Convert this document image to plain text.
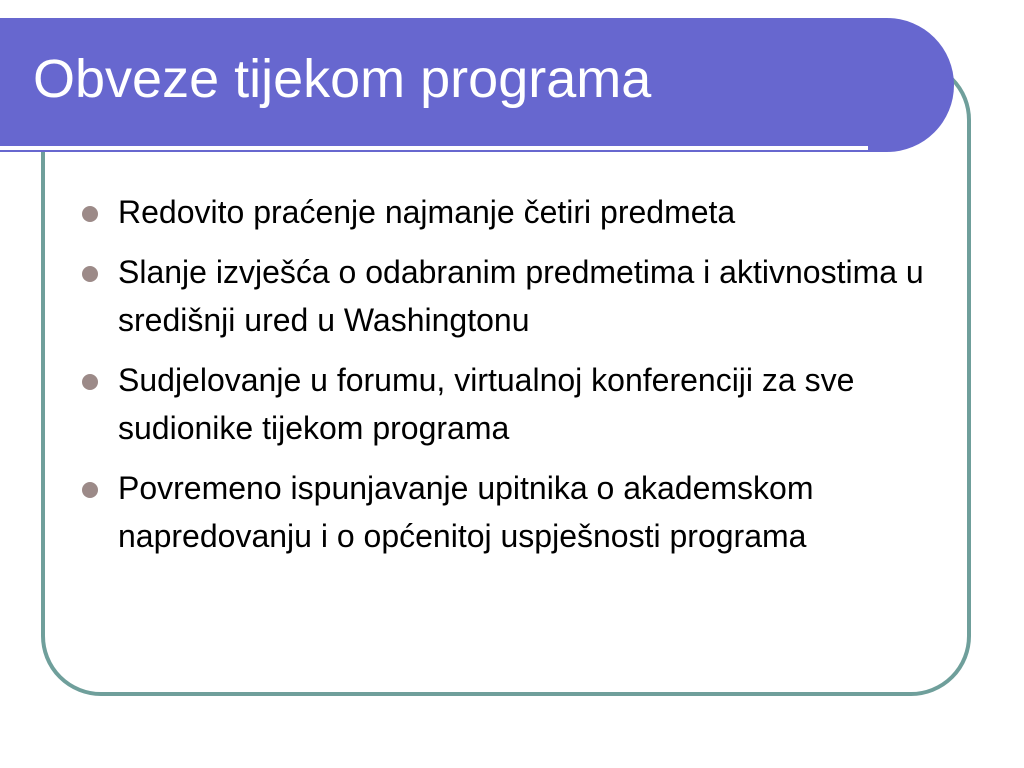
Obveze tijekom programa
Redovito praćenje najmanje četiri predmeta
Slanje izvješća o odabranim predmetima i aktivnostima u središnji ured u Washingtonu
Sudjelovanje u forumu, virtualnoj konferenciji za sve sudionike tijekom programa
Povremeno ispunjavanje upitnika o akademskom napredovanju i o općenitoj uspješnosti programa
